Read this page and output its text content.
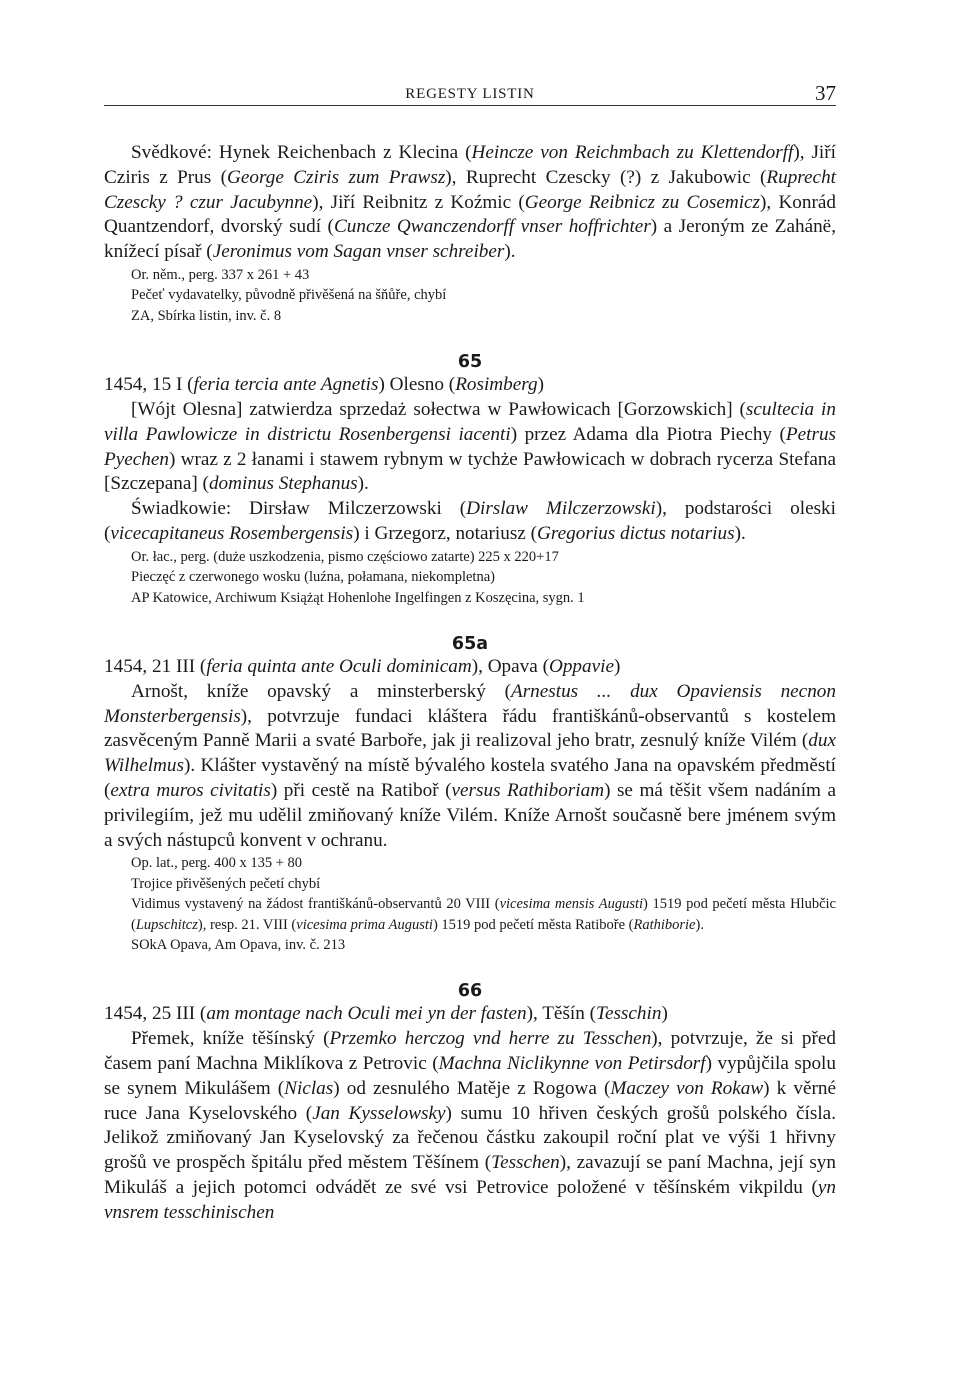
REGESTY LISTIN	37

Svědkové: Hynek Reichenbach z Klecina (Heincze von Reichmbach zu Klettendorff), Jiří Cziris z Prus (George Cziris zum Prawsz), Ruprecht Czescky (?) z Jakubowic (Ruprecht Czescky ? czur Jacubynne), Jiří Reibnitz z Koźmic (George Reibnicz zu Cosemicz), Konrád Quantzendorf, dvorský sudí (Cuncze Qwanczendorff vnser hoffrichter) a Jeroným ze Zahánë, knížecí písař (Jeronimus vom Sagan vnser schreiber).

Or. něm., perg. 337 x 261 + 43

Pečeť vydavatelky, původně přivěšená na šňůře, chybí

ZA, Sbírka listin, inv. č. 8

65

1454, 15 I (feria tercia ante Agnetis) Olesno (Rosimberg)

[Wójt Olesna] zatwierdza sprzedaż sołectwa w Pawłowicach [Gorzowskich] (scultecia in villa Pawlowicze in districtu Rosenbergensi iacenti) przez Adama dla Piotra Piechy (Petrus Pyechen) wraz z 2 łanami i stawem rybnym w tychże Pawłowicach w dobrach rycerza Stefana [Szczepana] (dominus Stephanus).

Świadkowie: Dirsław Milczerzowski (Dirslaw Milczerzowski), podstarości oleski (vicecapitaneus Rosembergensis) i Grzegorz, notariusz (Gregorius dictus notarius).

Or. łac., perg. (duże uszkodzenia, pismo częściowo zatarte) 225 x 220+17

Pieczęć z czerwonego wosku (luźna, połamana, niekompletna)

AP Katowice, Archiwum Książąt Hohenlohe Ingelfingen z Koszęcina, sygn. 1

65a

1454, 21 III (feria quinta ante Oculi dominicam), Opava (Oppavie)

Arnošt, kníže opavský a minsterberský (Arnestus ... dux Opaviensis necnon Monsterbergensis), potvrzuje fundaci kláštera řádu františkánů-observantů s kostelem zasvěceným Panně Marii a svaté Barboře, jak ji realizoval jeho bratr, zesnulý kníže Vilém (dux Wilhelmus). Klášter vystavěný na místě bývalého kostela svatého Jana na opavském předměstí (extra muros civitatis) při cestě na Ratiboř (versus Rathiboriam) se má těšit všem nadáním a privilegiím, jež mu udělil zmiňovaný kníže Vilém. Kníže Arnošt současně bere jménem svým a svých nástupců konvent v ochranu.

Op. lat., perg. 400 x 135 + 80

Trojice přivěšených pečetí chybí

Vidimus vystavený na žádost františkánů-observantů 20 VIII (vicesima mensis Augusti) 1519 pod pečetí města Hlubčic (Lupschitcz), resp. 21. VIII (vicesima prima Augusti) 1519 pod pečetí města Ratiboře (Rathiborie).

SOkA Opava, Am Opava, inv. č. 213

66

1454, 25 III (am montage nach Oculi mei yn der fasten), Těšín (Tesschin)

Přemek, kníže těšínský (Przemko herczog vnd herre zu Tesschen), potvrzuje, že si před časem paní Machna Miklíkova z Petrovic (Machna Niclikynne von Petirsdorf) vypůjčila spolu se synem Mikulášem (Niclas) od zesnulého Matěje z Rogowa (Maczey von Rokaw) k věrné ruce Jana Kyselovského (Jan Kysselowsky) sumu 10 hřiven českých grošů polského čísla. Jelikož zmiňovaný Jan Kyselovský za řečenou částku zakoupil roční plat ve výši 1 hřivny grošů ve prospěch špitálu před městem Těšínem (Tesschen), zavazují se paní Machna, její syn Mikuláš a jejich potomci odvádět ze své vsi Petrovice položené v těšínském vikpildu (yn vnsrem tesschinischen
